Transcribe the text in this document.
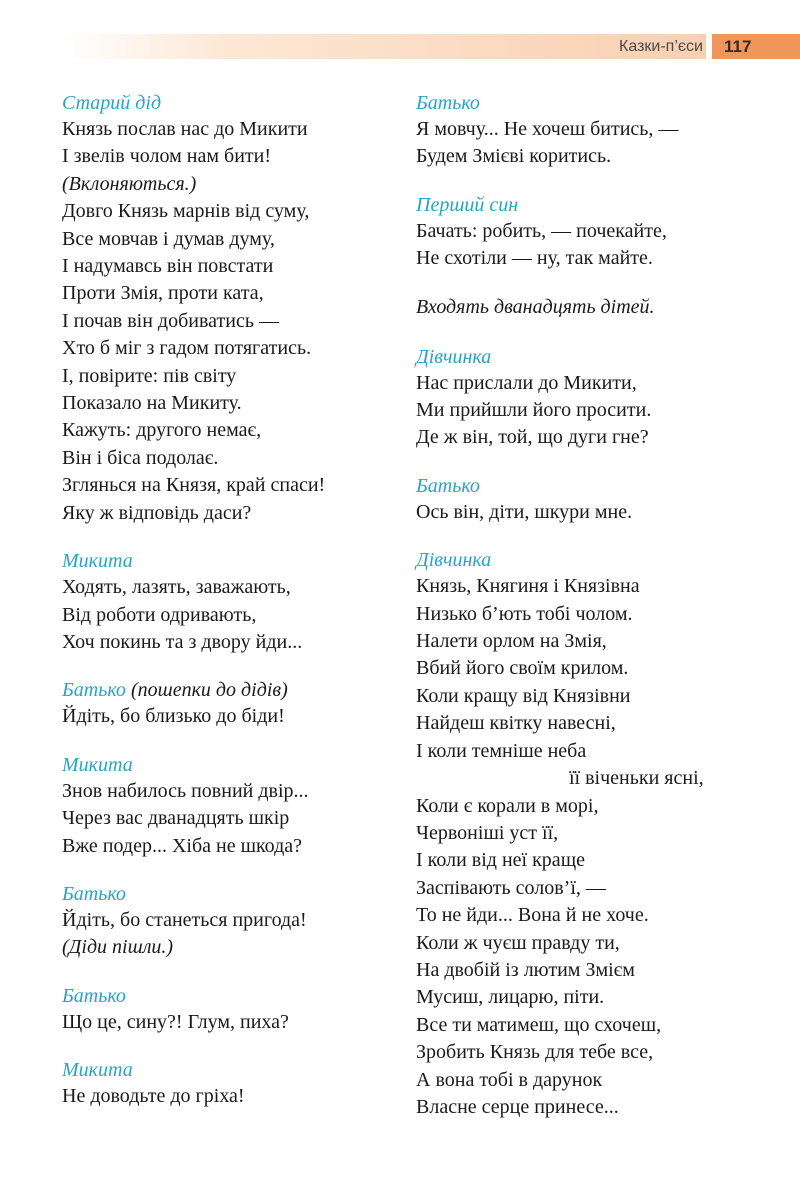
Казки-п’єси	117

Старий дід

Князь послав нас до Микити

І звелів чолом нам бити!

(Вклоняються.)

Довго Князь марнів від суму,

Все мовчав і думав думу,

І надумавсь він повстати

Проти Змія, проти ката,

І почав він добиватись —

Хто б міг з гадом потягатись.

І, повірите: пів світу

Показало на Микиту.

Кажуть: другого немає,

Він і біса подолає.

Зглянься на Князя, край спаси!

Яку ж відповідь даси?

Микита

Ходять, лазять, заважають,

Від роботи одривають,

Хоч покинь та з двору йди...

Батько (пошепки до дідів)

Йдіть, бо близько до біди!

Микита

Знов набилось повний двір...

Через вас дванадцять шкір

Вже подер... Хіба не шкода?

Батько

Йдіть, бо станеться пригода!

(Діди пішли.)

Батько

Що це, сину?! Глум, пиха?

Микита

Не доводьте до гріха!

Батько

Я мовчу... Не хочеш битись, —

Будем Змієві коритись.

Перший син

Бачать: робить, — почекайте,

Не схотіли — ну, так майте.

Входять дванадцять дітей.

Дівчинка

Нас прислали до Микити,

Ми прийшли його просити.

Де ж він, той, що дуги гне?

Батько

Ось він, діти, шкури мне.

Дівчинка

Князь, Княгиня і Князівна

Низько б’ють тобі чолом.

Налети орлом на Змія,

Вбий його своїм крилом.

Коли кращу від Князівни

Найдеш квітку навесні,

І коли темніше неба

її віченьки ясні,

Коли є корали в морі,

Червоніші уст її,

І коли від неї краще

Заспівають солов’ї, —

То не йди... Вона й не хоче.

Коли ж чуєш правду ти,

На двобій із лютим Змієм

Мусиш, лицарю, піти.

Все ти матимеш, що схочеш,

Зробить Князь для тебе все,

А вона тобі в дарунок

Власне серце принесе...
